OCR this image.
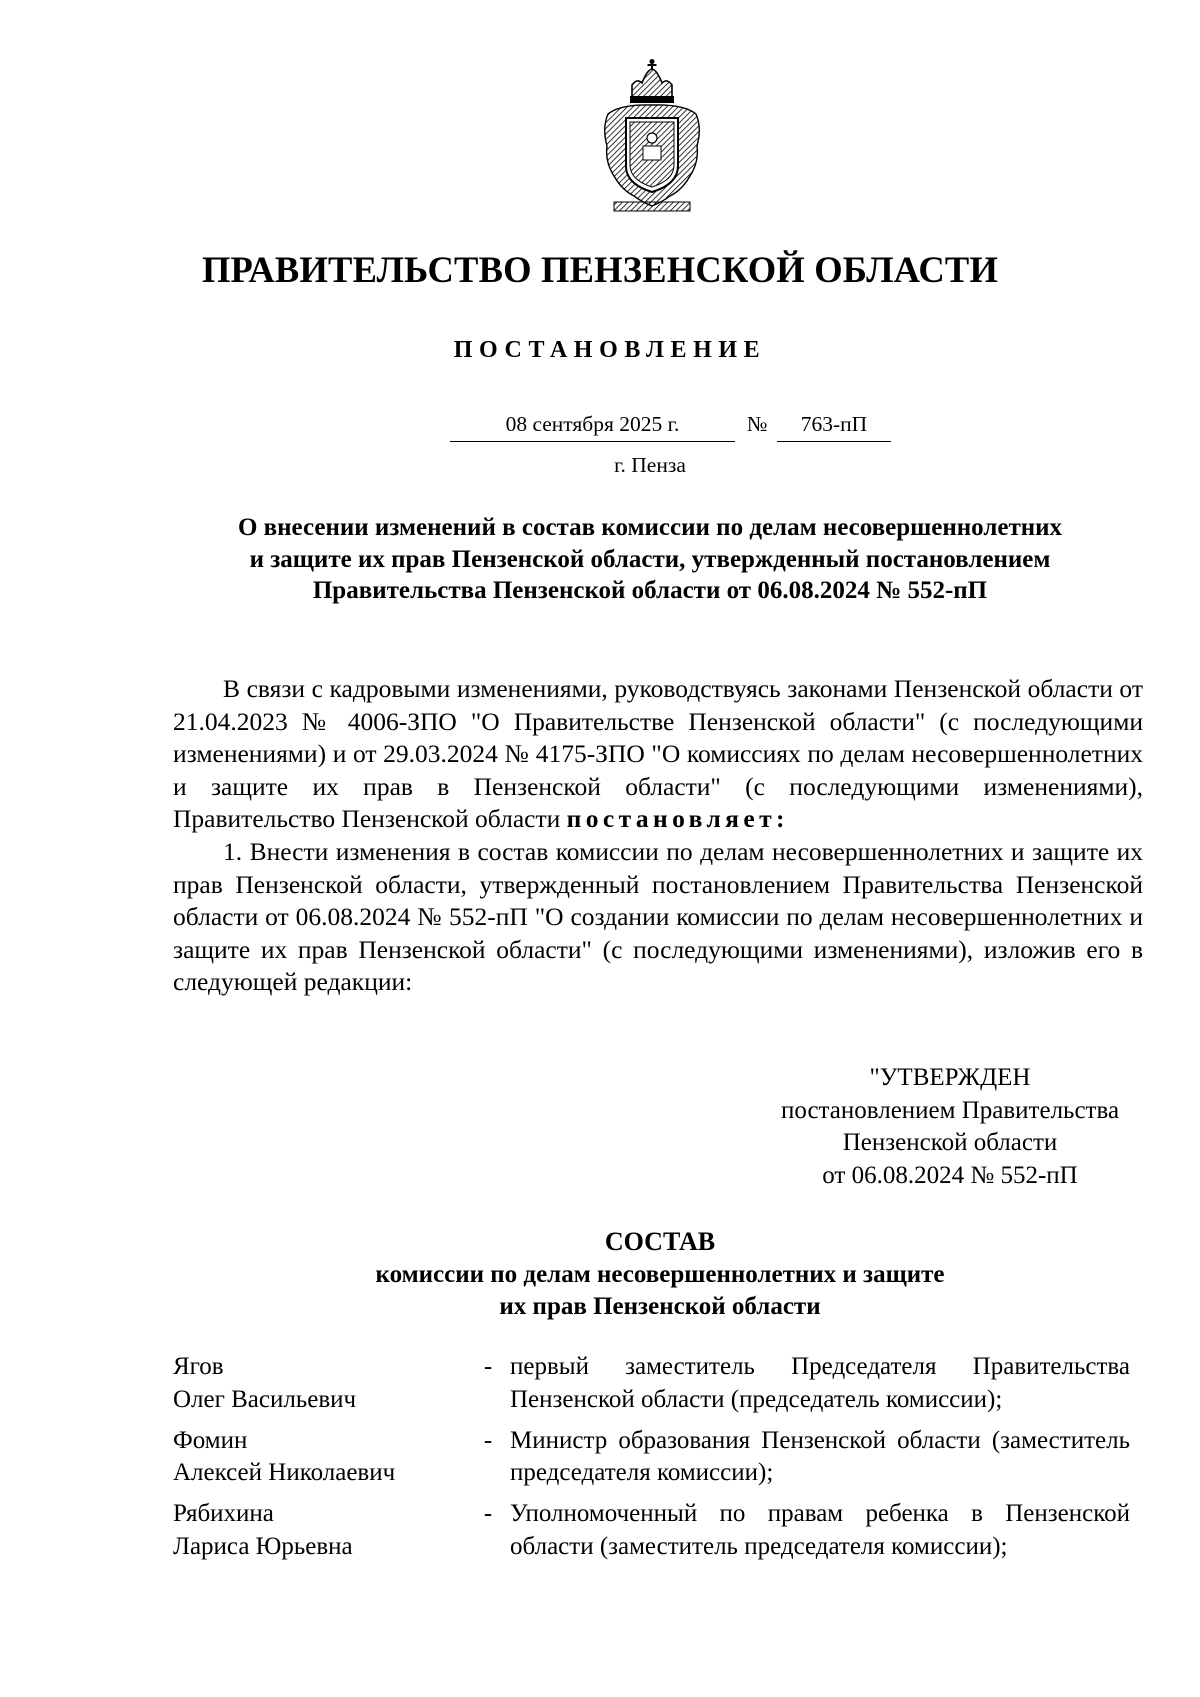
ПРАВИТЕЛЬСТВО ПЕНЗЕНСКОЙ ОБЛАСТИ
ПОСТАНОВЛЕНИЕ
08 сентября 2025 г.	№	763-пП
г. Пенза
О внесении изменений в состав комиссии по делам несовершеннолетних
и защите их прав Пензенской области, утвержденный постановлением
Правительства Пензенской области от 06.08.2024 № 552-пП

В связи с кадровыми изменениями, руководствуясь законами Пензенской области от 21.04.2023 № 4006-ЗПО "О Правительстве Пензенской области" (с последующими изменениями) и от 29.03.2024 № 4175-ЗПО "О комиссиях по делам несовершеннолетних и защите их прав в Пензенской области" (с последующими изменениями), Правительство Пензенской области постановляет:

1. Внести изменения в состав комиссии по делам несовершеннолетних и защите их прав Пензенской области, утвержденный постановлением Правительства Пензенской области от 06.08.2024 № 552-пП "О создании комиссии по делам несовершеннолетних и защите их прав Пензенской области" (с последующими изменениями), изложив его в следующей редакции:

"УТВЕРЖДЕН
постановлением Правительства
Пензенской области
от 06.08.2024 № 552-пП
СОСТАВ
комиссии по делам несовершеннолетних и защите
их прав Пензенской области
Ягов
Олег Васильевич
- первый заместитель Председателя Правительства Пензенской области (председатель комиссии);
Фомин
Алексей Николаевич
- Министр образования Пензенской области (заместитель председателя комиссии);
Рябихина
Лариса Юрьевна
- Уполномоченный по правам ребенка в Пензенской области (заместитель председателя комиссии);
